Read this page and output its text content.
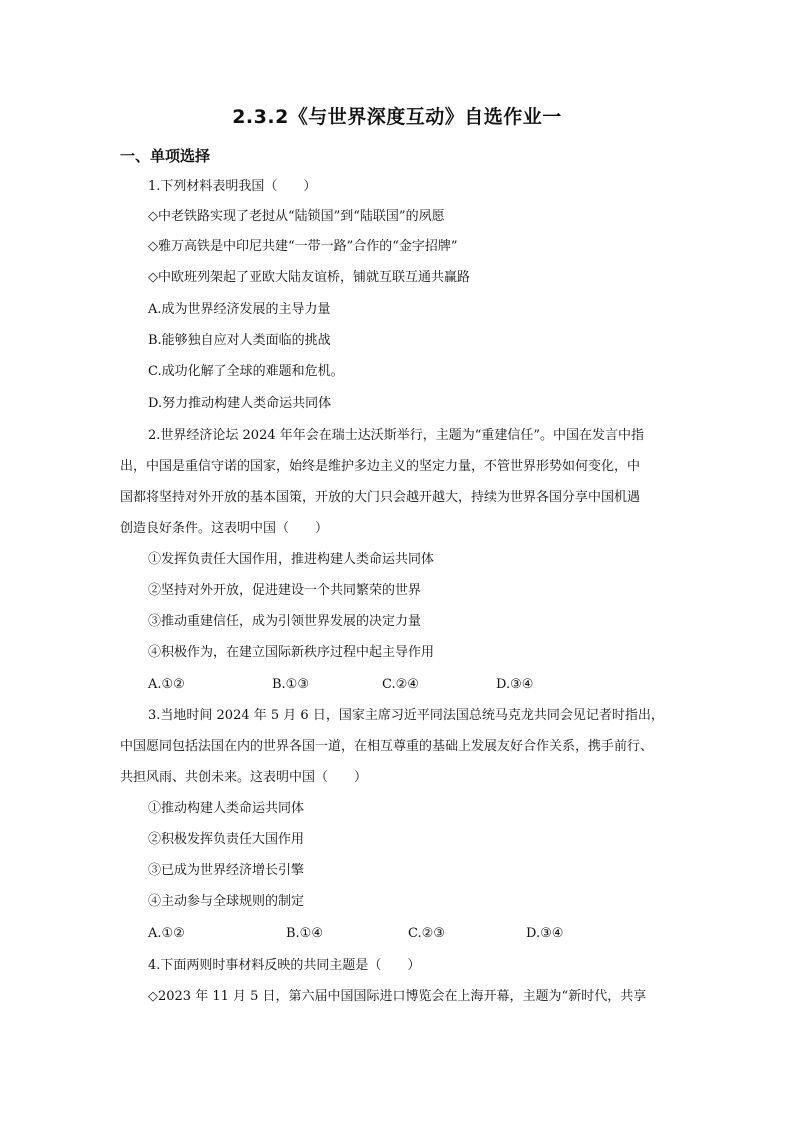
2.3.2《与世界深度互动》自选作业一
一、单项选择
1.下列材料表明我国（　　）
◇中老铁路实现了老挝从“陆锁国”到“陆联国”的夙愿
◇雅万高铁是中印尼共建“一带一路”合作的“金字招牌”
◇中欧班列架起了亚欧大陆友谊桥，铺就互联互通共赢路
A.成为世界经济发展的主导力量
B.能够独自应对人类面临的挑战
C.成功化解了全球的难题和危机。
D.努力推动构建人类命运共同体
2.世界经济论坛 2024 年年会在瑞士达沃斯举行，主题为“重建信任”。中国在发言中指
出，中国是重信守诺的国家，始终是维护多边主义的坚定力量，不管世界形势如何变化，中
国都将坚持对外开放的基本国策，开放的大门只会越开越大，持续为世界各国分享中国机遇
创造良好条件。这表明中国（　　）
①发挥负责任大国作用，推进构建人类命运共同体
②坚持对外开放，促进建设一个共同繁荣的世界
③推动重建信任，成为引领世界发展的决定力量
④积极作为，在建立国际新秩序过程中起主导作用
A.①②	B.①③	C.②④	D.③④
3.当地时间 2024 年 5 月 6 日，国家主席习近平同法国总统马克龙共同会见记者时指出，
中国愿同包括法国在内的世界各国一道，在相互尊重的基础上发展友好合作关系，携手前行、
共担风雨、共创未来。这表明中国（　　）
①推动构建人类命运共同体
②积极发挥负责任大国作用
③已成为世界经济增长引擎
④主动参与全球规则的制定
A.①②	B.①④	C.②③	D.③④
4.下面两则时事材料反映的共同主题是（　　）
◇2023 年 11 月 5 日，第六届中国国际进口博览会在上海开幕，主题为“新时代，共享
